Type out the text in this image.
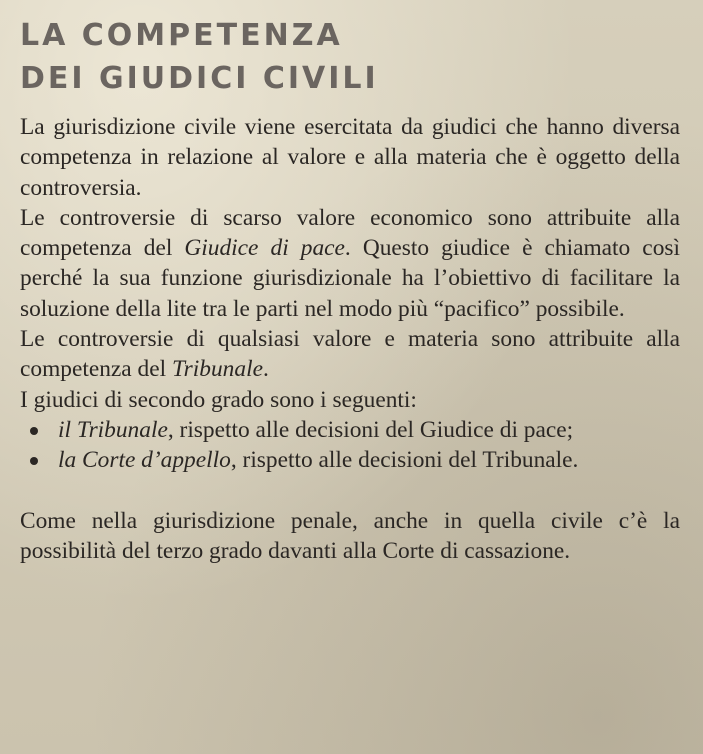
LA COMPETENZA
DEI GIUDICI CIVILI

La giurisdizione civile viene esercitata da giudici che hanno diversa competenza in relazione al valore e alla materia che è oggetto della controversia.

Le controversie di scarso valore economico sono attribuite alla competenza del Giudice di pace. Questo giudice è chiamato così perché la sua funzione giurisdizionale ha l’obiettivo di facilitare la soluzione della lite tra le parti nel modo più “pacifico” possibile.

Le controversie di qualsiasi valore e materia sono attribuite alla competenza del Tribunale.

I giudici di secondo grado sono i seguenti:

il Tribunale, rispetto alle decisioni del Giudice di pace;
la Corte d’appello, rispetto alle decisioni del Tribunale.

Come nella giurisdizione penale, anche in quella civile c’è la possibilità del terzo grado davanti alla Corte di cassazione.
